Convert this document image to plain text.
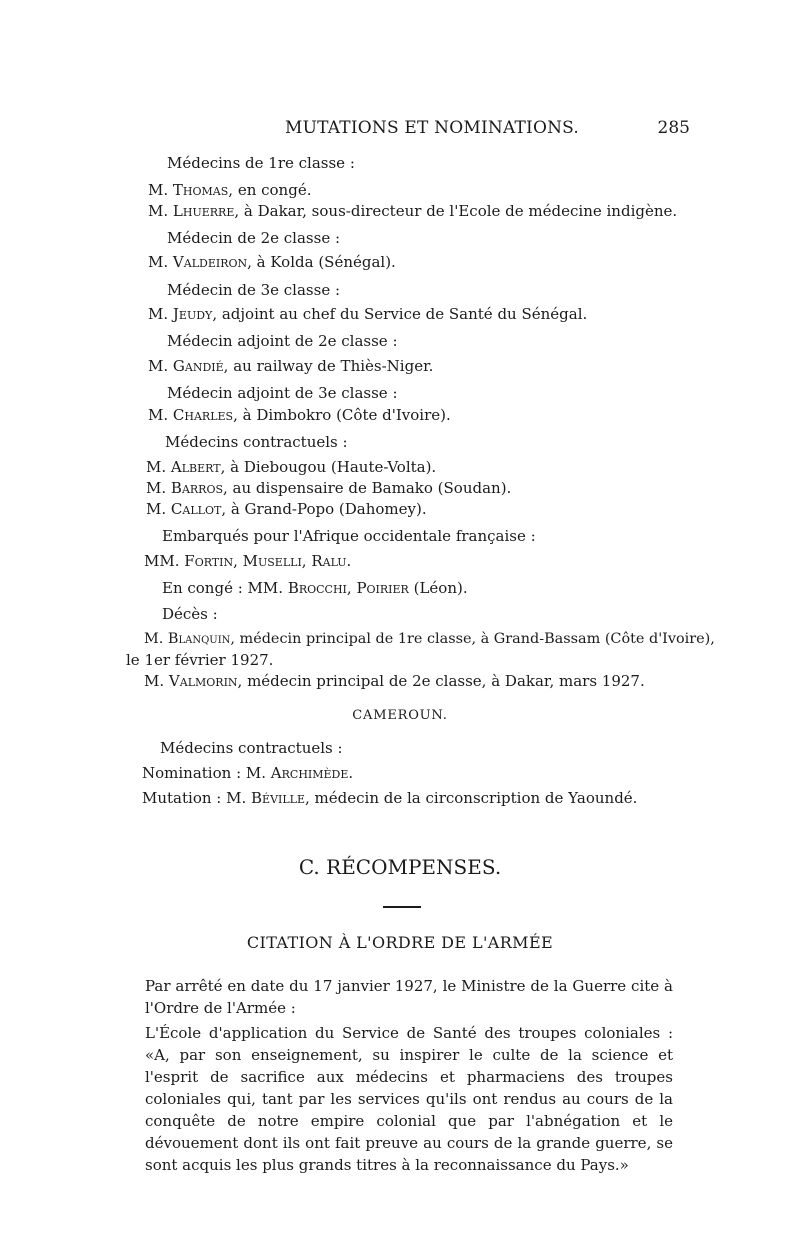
MUTATIONS ET NOMINATIONS.	285
Médecins de 1re classe :
M. Thomas, en congé.
M. Lhuerre, à Dakar, sous-directeur de l'Ecole de médecine indigène.
Médecin de 2e classe :
M. Valdeiron, à Kolda (Sénégal).
Médecin de 3e classe :
M. Jeudy, adjoint au chef du Service de Santé du Sénégal.
Médecin adjoint de 2e classe :
M. Gandié, au railway de Thiès-Niger.
Médecin adjoint de 3e classe :
M. Charles, à Dimbokro (Côte d'Ivoire).
Médecins contractuels :
M. Albert, à Diebougou (Haute-Volta).
M. Barros, au dispensaire de Bamako (Soudan).
M. Callot, à Grand-Popo (Dahomey).
Embarqués pour l'Afrique occidentale française :
MM. Fortin, Muselli, Ralu.
En congé : MM. Brocchi, Poirier (Léon).
Décès :
M. Blanquin, médecin principal de 1re classe, à Grand-Bassam (Côte d'Ivoire),
le 1er février 1927.
M. Valmorin, médecin principal de 2e classe, à Dakar, mars 1927.
CAMEROUN.
Médecins contractuels :
Nomination : M. Archimède.
Mutation : M. Béville, médecin de la circonscription de Yaoundé.
C. RÉCOMPENSES.
CITATION À L'ORDRE DE L'ARMÉE
Par arrêté en date du 17 janvier 1927, le Ministre de la Guerre cite à l'Ordre de l'Armée :
L'École d'application du Service de Santé des troupes coloniales : «A, par son enseignement, su inspirer le culte de la science et l'esprit de sacrifice aux médecins et pharmaciens des troupes coloniales qui, tant par les services qu'ils ont rendus au cours de la conquête de notre empire colonial que par l'abnégation et le dévouement dont ils ont fait preuve au cours de la grande guerre, se sont acquis les plus grands titres à la reconnaissance du Pays.»
